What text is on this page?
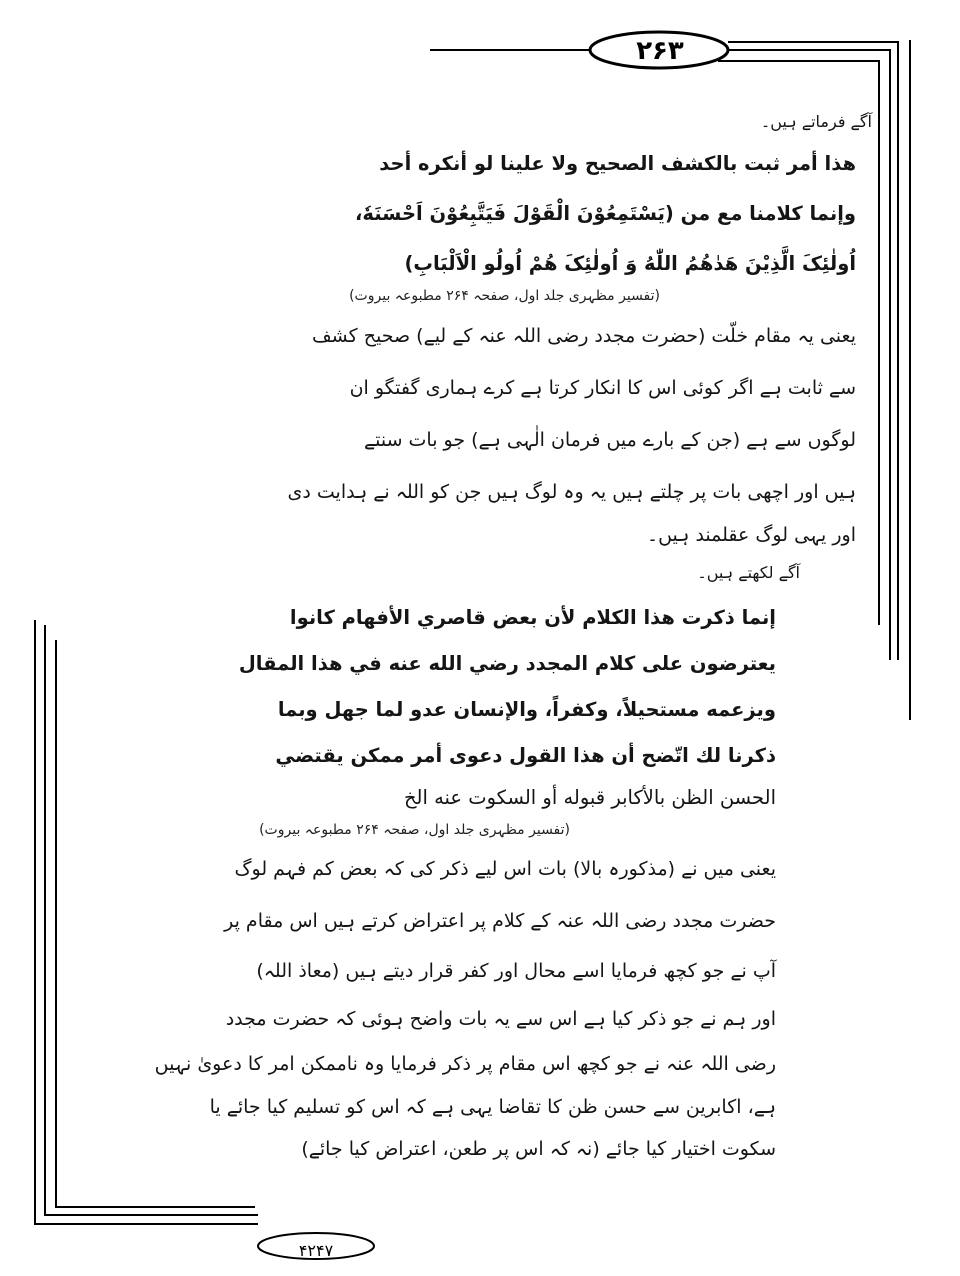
۲۶۳
۴۲۴۷
آگے فرماتے ہیں۔
هذا أمر ثبت بالكشف الصحيح ولا علينا لو أنكره أحد
وإنما كلامنا مع من (يَسْتَمِعُوْنَ الْقَوْلَ فَيَتَّبِعُوْنَ اَحْسَنَهٗ،
اُولٰئِکَ الَّذِیْنَ هَدٰهُمُ اللّٰهُ وَ اُولٰئِکَ هُمْ اُولُو الْاَلْبَابِ)
(تفسیر مظہری جلد اول، صفحہ ۲۶۴ مطبوعہ بیروت)
یعنی یہ مقام خلّت (حضرت مجدد رضی اللہ عنہ کے لیے) صحیح کشف
سے ثابت ہے اگر کوئی اس کا انکار کرتا ہے کرے ہماری گفتگو ان
لوگوں سے ہے (جن کے بارے میں فرمان الٰہی ہے) جو بات سنتے
ہیں اور اچھی بات پر چلتے ہیں یہ وہ لوگ ہیں جن کو اللہ نے ہدایت دی
اور یہی لوگ عقلمند ہیں۔
آگے لکھتے ہیں۔
إنما ذكرت هذا الكلام لأن بعض قاصري الأفهام كانوا
يعترضون على كلام المجدد رضي الله عنه في هذا المقال
ويزعمه مستحيلاً، وكفراً، والإنسان عدو لما جهل وبما
ذكرنا لك اتّضح أن هذا القول دعوى أمر ممكن يقتضي
الحسن الظن بالأكابر قبوله أو السكوت عنه الخ
(تفسیر مظہری جلد اول، صفحہ ۲۶۴ مطبوعہ بیروت)
یعنی میں نے (مذکورہ بالا) بات اس لیے ذکر کی کہ بعض کم فہم لوگ
حضرت مجدد رضی اللہ عنہ کے کلام پر اعتراض کرتے ہیں اس مقام پر
آپ نے جو کچھ فرمایا اسے محال اور کفر قرار دیتے ہیں (معاذ اللہ)
اور ہم نے جو ذکر کیا ہے اس سے یہ بات واضح ہوئی کہ حضرت مجدد
رضی اللہ عنہ نے جو کچھ اس مقام پر ذکر فرمایا وہ ناممکن امر کا دعویٰ نہیں
ہے، اکابرین سے حسن ظن کا تقاضا یہی ہے کہ اس کو تسلیم کیا جائے یا
سکوت اختیار کیا جائے (نہ کہ اس پر طعن، اعتراض کیا جائے)
